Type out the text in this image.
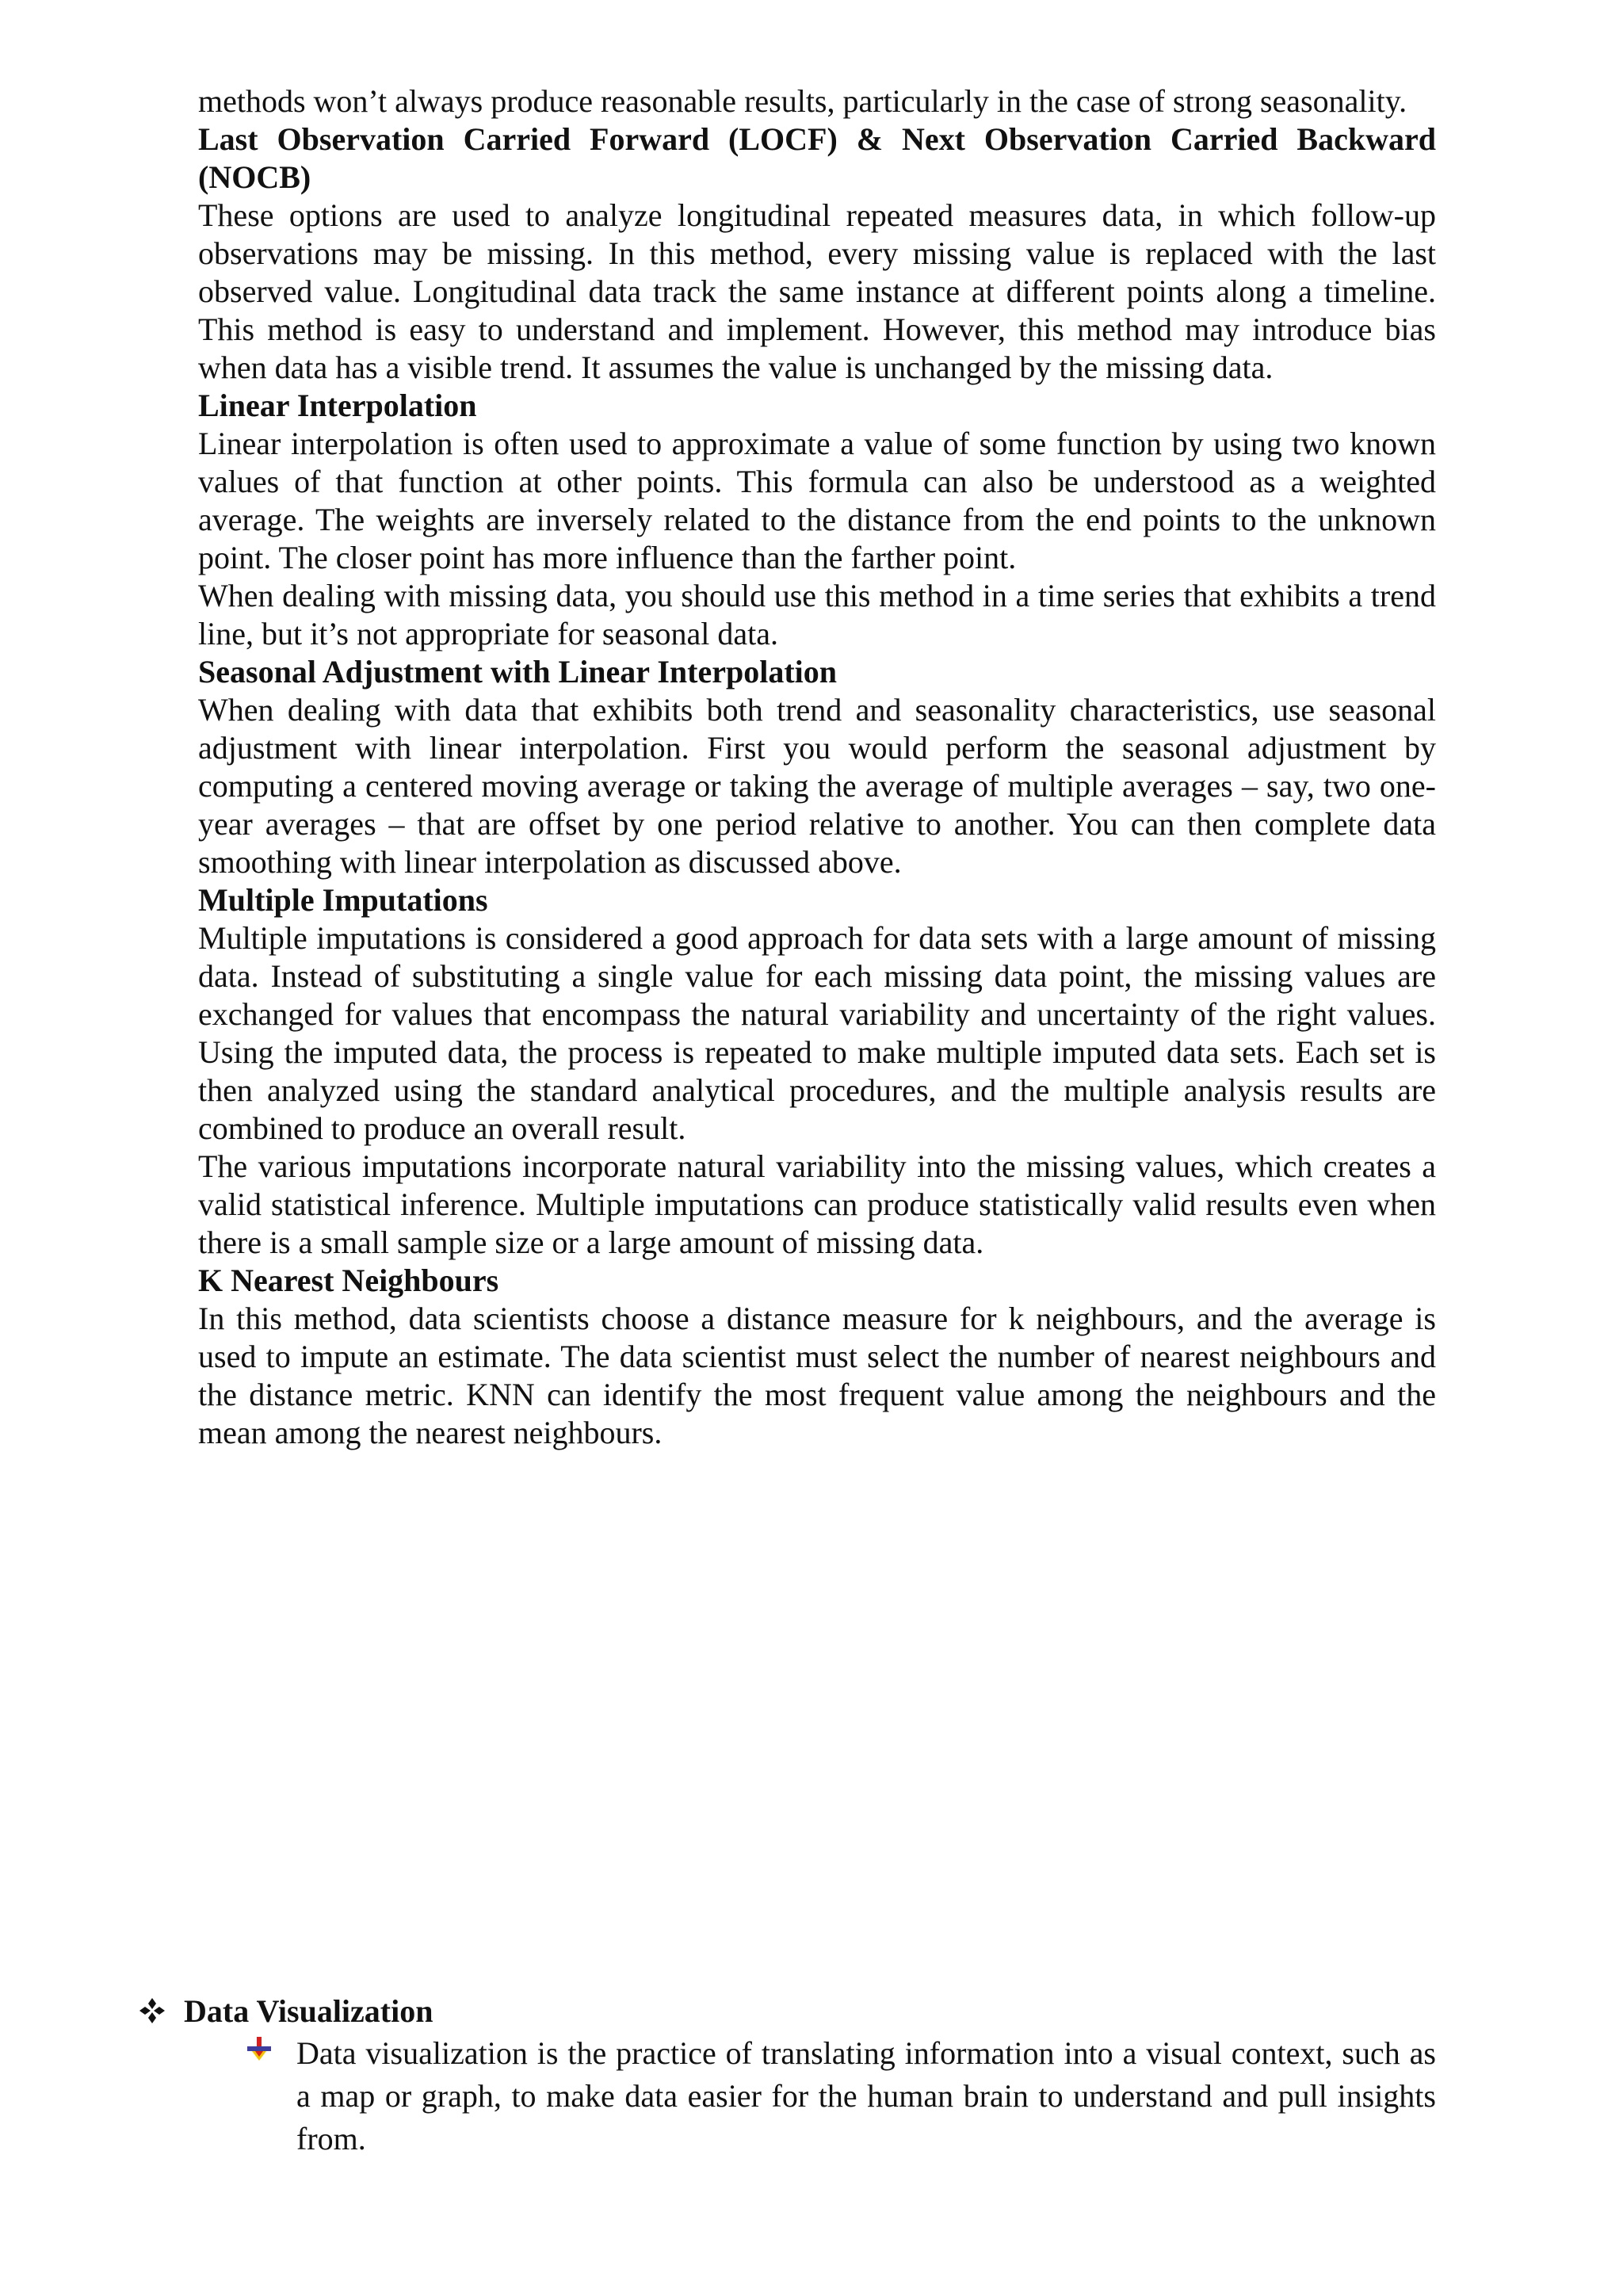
methods won’t always produce reasonable results, particularly in the case of strong seasonality.

Last Observation Carried Forward (LOCF) & Next Observation Carried Backward (NOCB)

These options are used to analyze longitudinal repeated measures data, in which follow-up observations may be missing. In this method, every missing value is replaced with the last observed value. Longitudinal data track the same instance at different points along a timeline. This method is easy to understand and implement. However, this method may introduce bias when data has a visible trend. It assumes the value is unchanged by the missing data.

Linear Interpolation

Linear interpolation is often used to approximate a value of some function by using two known values of that function at other points. This formula can also be understood as a weighted average. The weights are inversely related to the distance from the end points to the unknown point. The closer point has more influence than the farther point.

When dealing with missing data, you should use this method in a time series that exhibits a trend line, but it’s not appropriate for seasonal data.

Seasonal Adjustment with Linear Interpolation

When dealing with data that exhibits both trend and seasonality characteristics, use seasonal adjustment with linear interpolation. First you would perform the seasonal adjustment by computing a centered moving average or taking the average of multiple averages – say, two one-year averages – that are offset by one period relative to another. You can then complete data smoothing with linear interpolation as discussed above.

Multiple Imputations

Multiple imputations is considered a good approach for data sets with a large amount of missing data. Instead of substituting a single value for each missing data point, the missing values are exchanged for values that encompass the natural variability and uncertainty of the right values. Using the imputed data, the process is repeated to make multiple imputed data sets. Each set is then analyzed using the standard analytical procedures, and the multiple analysis results are combined to produce an overall result.

The various imputations incorporate natural variability into the missing values, which creates a valid statistical inference. Multiple imputations can produce statistically valid results even when there is a small sample size or a large amount of missing data.

K Nearest Neighbours

In this method, data scientists choose a distance measure for k neighbours, and the average is used to impute an estimate. The data scientist must select the number of nearest neighbours and the distance metric. KNN can identify the most frequent value among the neighbours and the mean among the nearest neighbours.

Data Visualization

Data visualization is the practice of translating information into a visual context, such as a map or graph, to make data easier for the human brain to understand and pull insights from.
